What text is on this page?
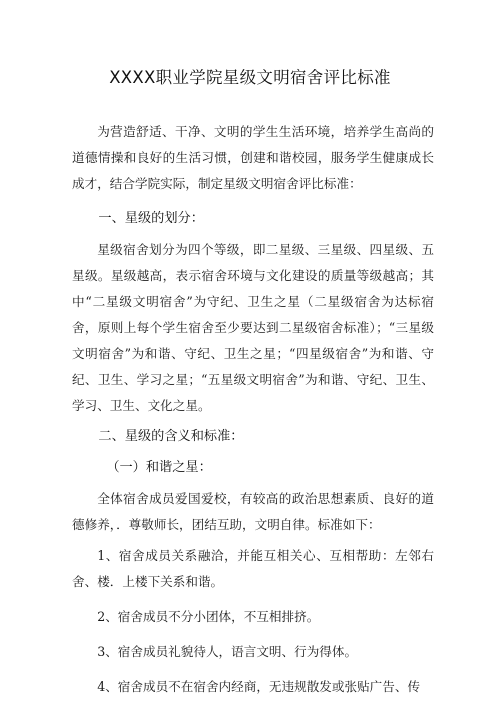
XXXX职业学院星级文明宿舍评比标准

为营造舒适、干净、文明的学生生活环境，培养学生高尚的道德情操和良好的生活习惯，创建和谐校园，服务学生健康成长成才，结合学院实际，制定星级文明宿舍评比标准：

一、星级的划分：

星级宿舍划分为四个等级，即二星级、三星级、四星级、五星级。星级越高，表示宿舍环境与文化建设的质量等级越高；其中“二星级文明宿舍”为守纪、卫生之星（二星级宿舍为达标宿舍，原则上每个学生宿舍至少要达到二星级宿舍标准）；“三星级文明宿舍”为和谐、守纪、卫生之星；“四星级宿舍”为和谐、守纪、卫生、学习之星；“五星级文明宿舍”为和谐、守纪、卫生、学习、卫生、文化之星。

二、星级的含义和标准：
（一）和谐之星：

全体宿舍成员爱国爱校，有较高的政治思想素质、良好的道德修养，．尊敬师长，团结互助，文明自律。标准如下：

1、宿舍成员关系融洽，并能互相关心、互相帮助：左邻右舍、楼．上楼下关系和谐。

2、宿舍成员不分小团体，不互相排挤。

3、宿舍成员礼貌待人，语言文明、行为得体。

4、宿舍成员不在宿舍内经商，无违规散发或张贴广告、传
